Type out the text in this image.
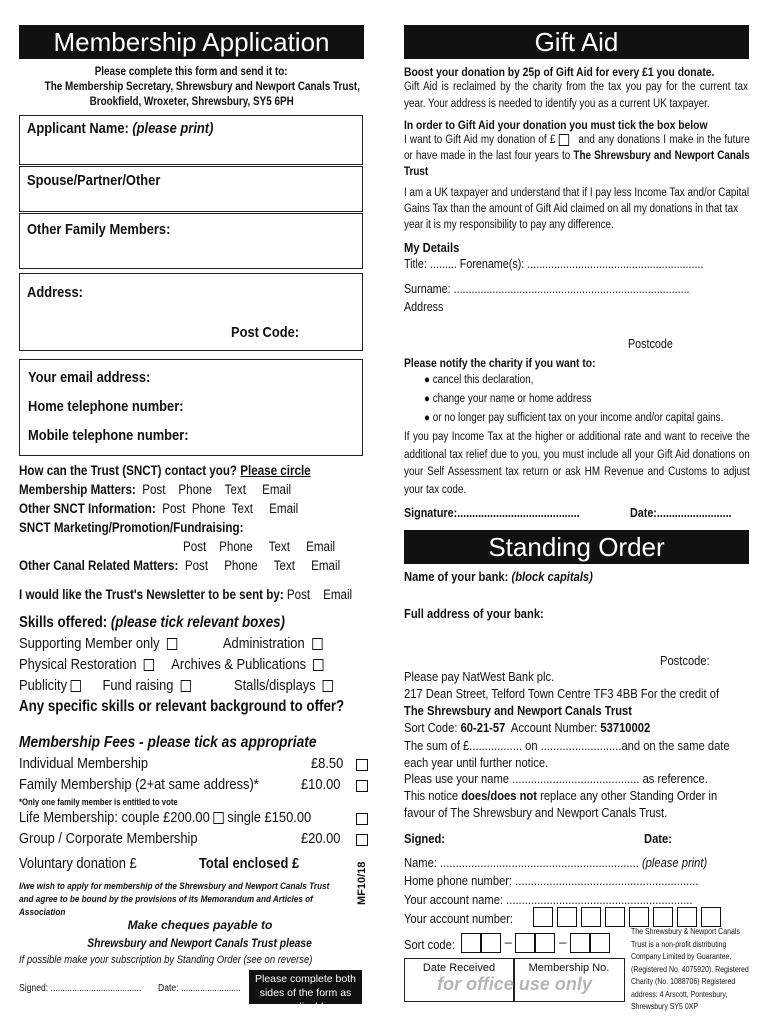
Membership Application
Please complete this form and send it to:
The Membership Secretary, Shrewsbury and Newport Canals Trust,
Brookfield, Wroxeter, Shrewsbury, SY5 6PH
Applicant Name: (please print)
Spouse/Partner/Other
Other Family Members:
Address:
Post Code:
Your email address:
Home telephone number:
Mobile telephone number:
How can the Trust (SNCT) contact you? Please circle
Membership Matters: Post Phone Text Email
Other SNCT Information: Post Phone Text Email
SNCT Marketing/Promotion/Fundraising:
Post Phone Text Email
Other Canal Related Matters: Post Phone Text Email
I would like the Trust's Newsletter to be sent by: Post Email
Skills offered: (please tick relevant boxes)
Supporting Member only	Administration
Physical Restoration Archives & Publications
Publicity Fund raising	Stalls/displays
Any specific skills or relevant background to offer?
Membership Fees - please tick as appropriate
Individual Membership	£8.50
Family Membership (2+at same address)*	£10.00
*Only one family member is entitled to vote
Life Membership: couple £200.00 single £150.00
Group / Corporate Membership	£20.00
Voluntary donation £	Total enclosed £
I/we wish to apply for membership of the Shrewsbury and Newport Canals Trust and agree to be bound by the provisions of its Memorandum and Articles of Association
Make cheques payable to
Shrewsbury and Newport Canals Trust please
If possible make your subscription by Standing Order (see on reverse)
Signed: ......................................	Date: .........................
MF10/18
Please complete both sides of the form as applicable
Gift Aid
Boost your donation by 25p of Gift Aid for every £1 you donate.
Gift Aid is reclaimed by the charity from the tax you pay for the current tax year. Your address is needed to identify you as a current UK taxpayer.
In order to Gift Aid your donation you must tick the box below
I want to Gift Aid my donation of £ and any donations I make in the future or have made in the last four years to The Shrewsbury and Newport Canals Trust
I am a UK taxpayer and understand that if I pay less Income Tax and/or Capital Gains Tax than the amount of Gift Aid claimed on all my donations in that tax year it is my responsibility to pay any difference.
My Details
Title: ......... Forename(s): ...........................................................
Surname: ...............................................................................
Address
Postcode
Please notify the charity if you want to:
● cancel this declaration,
● change your name or home address
● or no longer pay sufficient tax on your income and/or capital gains.
If you pay Income Tax at the higher or additional rate and want to receive the additional tax relief due to you, you must include all your Gift Aid donations on your Self Assessment tax return or ask HM Revenue and Customs to adjust your tax code.
Signature:.........................................	Date:.........................
Standing Order
Name of your bank: (block capitals)
Full address of your bank:
Postcode:
Please pay NatWest Bank plc.
217 Dean Street, Telford Town Centre TF3 4BB For the credit of
The Shrewsbury and Newport Canals Trust
Sort Code: 60-21-57 Account Number: 53710002
The sum of £................. on ..........................and on the same date each year until further notice.
Pleas use your name ......................................... as reference.
This notice does/does not replace any other Standing Order in favour of The Shrewsbury and Newport Canals Trust.
Signed:	Date:
Name: ................................................................ (please print)
Home phone number: ...........................................................
Your account name: ............................................................
Your account number:
Sort code:	–	–
The Shrewsbury & Newport Canals Trust is a non-profit distributing Company Limited by Guarantee, (Registered No. 4075920). Registered Charity (No. 1088706) Registered address: 4 Arscott, Pontesbury, Shrewsbury SY5 0XP
Date Received	Membership No.
for office use only
